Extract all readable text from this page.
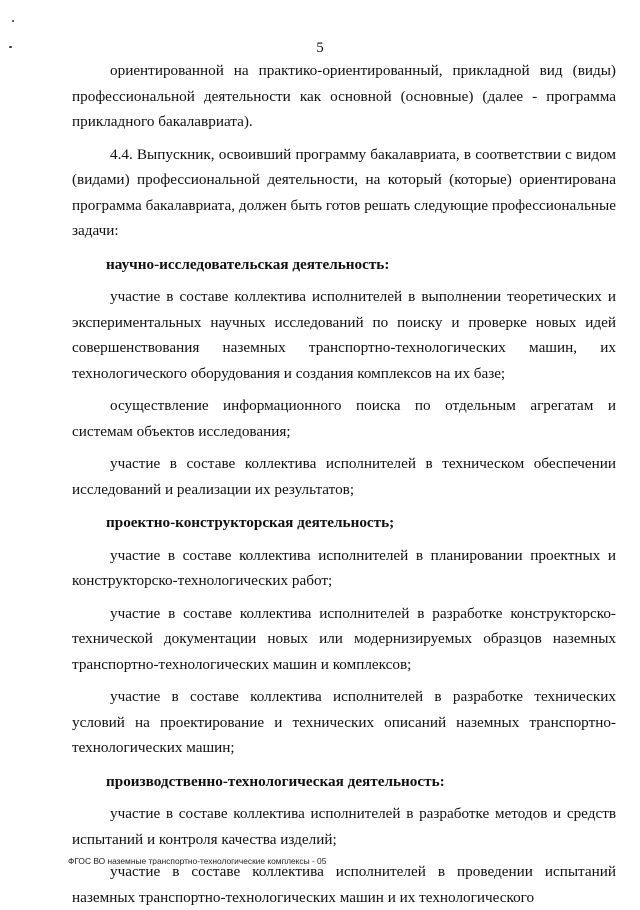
5

ориентированной на практико-ориентированный, прикладной вид (виды) профессиональной деятельности как основной (основные) (далее - программа прикладного бакалавриата).

4.4. Выпускник, освоивший программу бакалавриата, в соответствии с видом (видами) профессиональной деятельности, на который (которые) ориентирована программа бакалавриата, должен быть готов решать следующие профессиональные задачи:

научно-исследовательская деятельность:

участие в составе коллектива исполнителей в выполнении теоретических и экспериментальных научных исследований по поиску и проверке новых идей совершенствования наземных транспортно-технологических машин, их технологического оборудования и создания комплексов на их базе;

осуществление информационного поиска по отдельным агрегатам и системам объектов исследования;

участие в составе коллектива исполнителей в техническом обеспечении исследований и реализации их результатов;

проектно-конструкторская деятельность;

участие в составе коллектива исполнителей в планировании проектных и конструкторско-технологических работ;

участие в составе коллектива исполнителей в разработке конструкторско-технической документации новых или модернизируемых образцов наземных транспортно-технологических машин и комплексов;

участие в составе коллектива исполнителей в разработке технических условий на проектирование и технических описаний наземных транспортно-технологических машин;

производственно-технологическая деятельность:

участие в составе коллектива исполнителей в разработке методов и средств испытаний и контроля качества изделий;

участие в составе коллектива исполнителей в проведении испытаний наземных транспортно-технологических машин и их технологического

ФГОС ВО наземные транспортно-технологические комплексы - 05
